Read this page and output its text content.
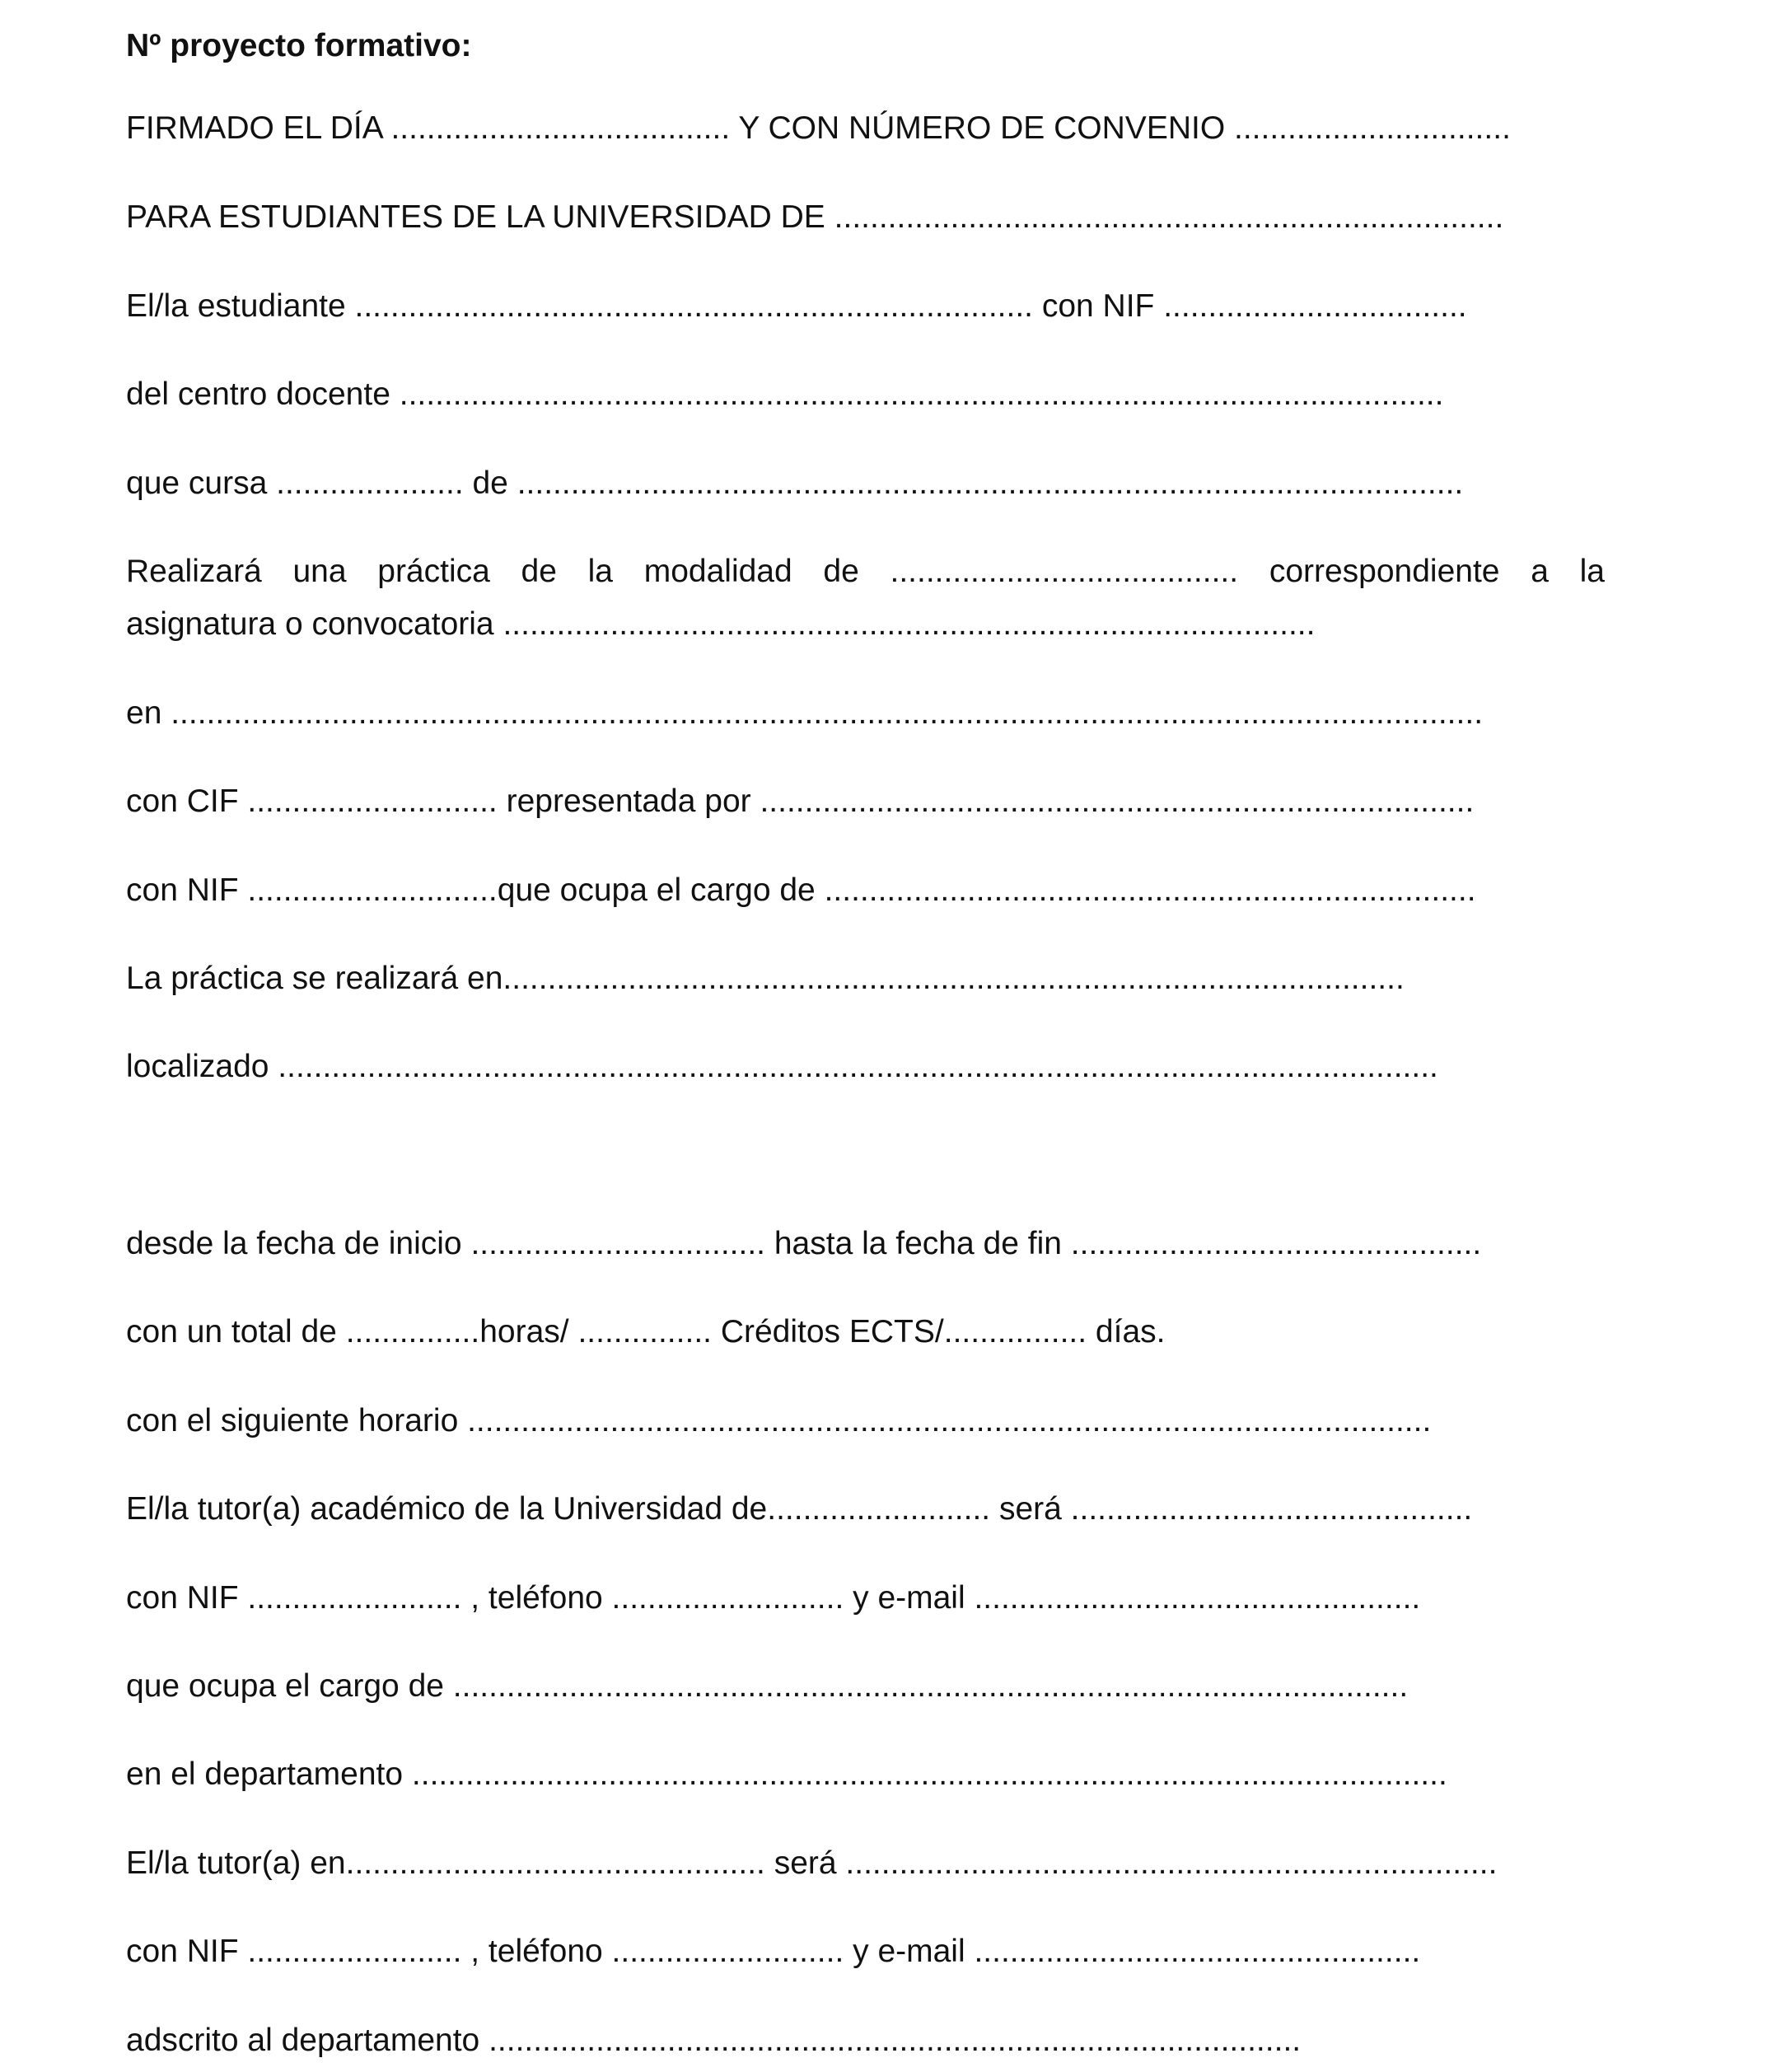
Nº proyecto formativo:
FIRMADO EL DÍA ...................................... Y CON NÚMERO DE CONVENIO ...............................
PARA ESTUDIANTES DE LA UNIVERSIDAD DE ...........................................................................
El/la estudiante ............................................................................ con NIF ..................................
del centro docente .....................................................................................................................
que cursa ..................... de ..........................................................................................................
Realizará una práctica de la modalidad de ....................................... correspondiente a la
asignatura o convocatoria ...........................................................................................
en ...................................................................................................................................................
con CIF ............................ representada por ................................................................................
con NIF ............................que ocupa el cargo de .........................................................................
La práctica se realizará en.....................................................................................................
localizado ..................................................................................................................................
desde la fecha de inicio ................................. hasta la fecha de fin ..............................................
con un total de ...............horas/ ............... Créditos ECTS/................ días.
con el siguiente horario ............................................................................................................
El/la tutor(a) académico de la Universidad de......................... será .............................................
con NIF ........................ , teléfono .......................... y e-mail ..................................................
que ocupa el cargo de ...........................................................................................................
en el departamento ....................................................................................................................
El/la tutor(a) en............................................... será .........................................................................
con NIF ........................ , teléfono .......................... y e-mail ..................................................
adscrito al departamento ...........................................................................................
